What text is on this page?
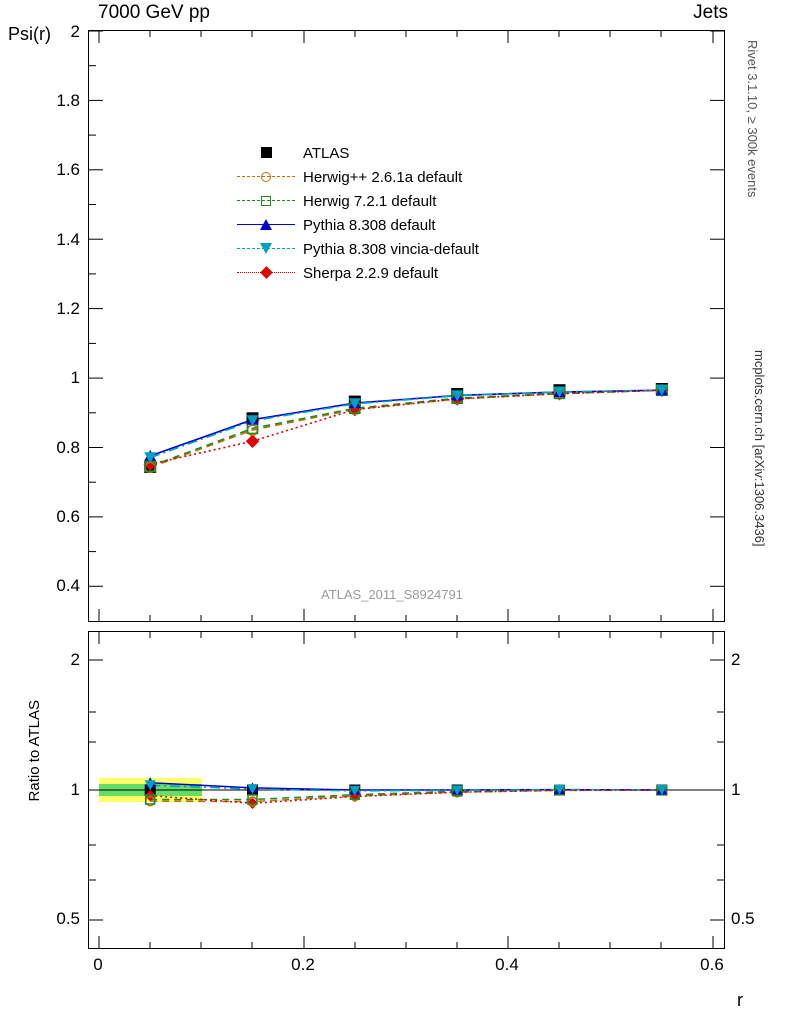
7000 GeV pp	Jets
Rivet 3.1.10, ≥ 300k events
mcplots.cern.ch [arXiv:1306.3436]
Psi(r)
r
Ratio to ATLAS
ATLAS_2011_S8924791
ATLAS
Herwig++ 2.6.1a default
Herwig 7.2.1 default
Pythia 8.308 default
Pythia 8.308 vincia-default
Sherpa 2.2.9 default
2
1.8
1.6
1.4
1.2
1
0.8
0.6
0.4
2
1
0.5
2
1
0.5
0	0.2	0.4	0.6
